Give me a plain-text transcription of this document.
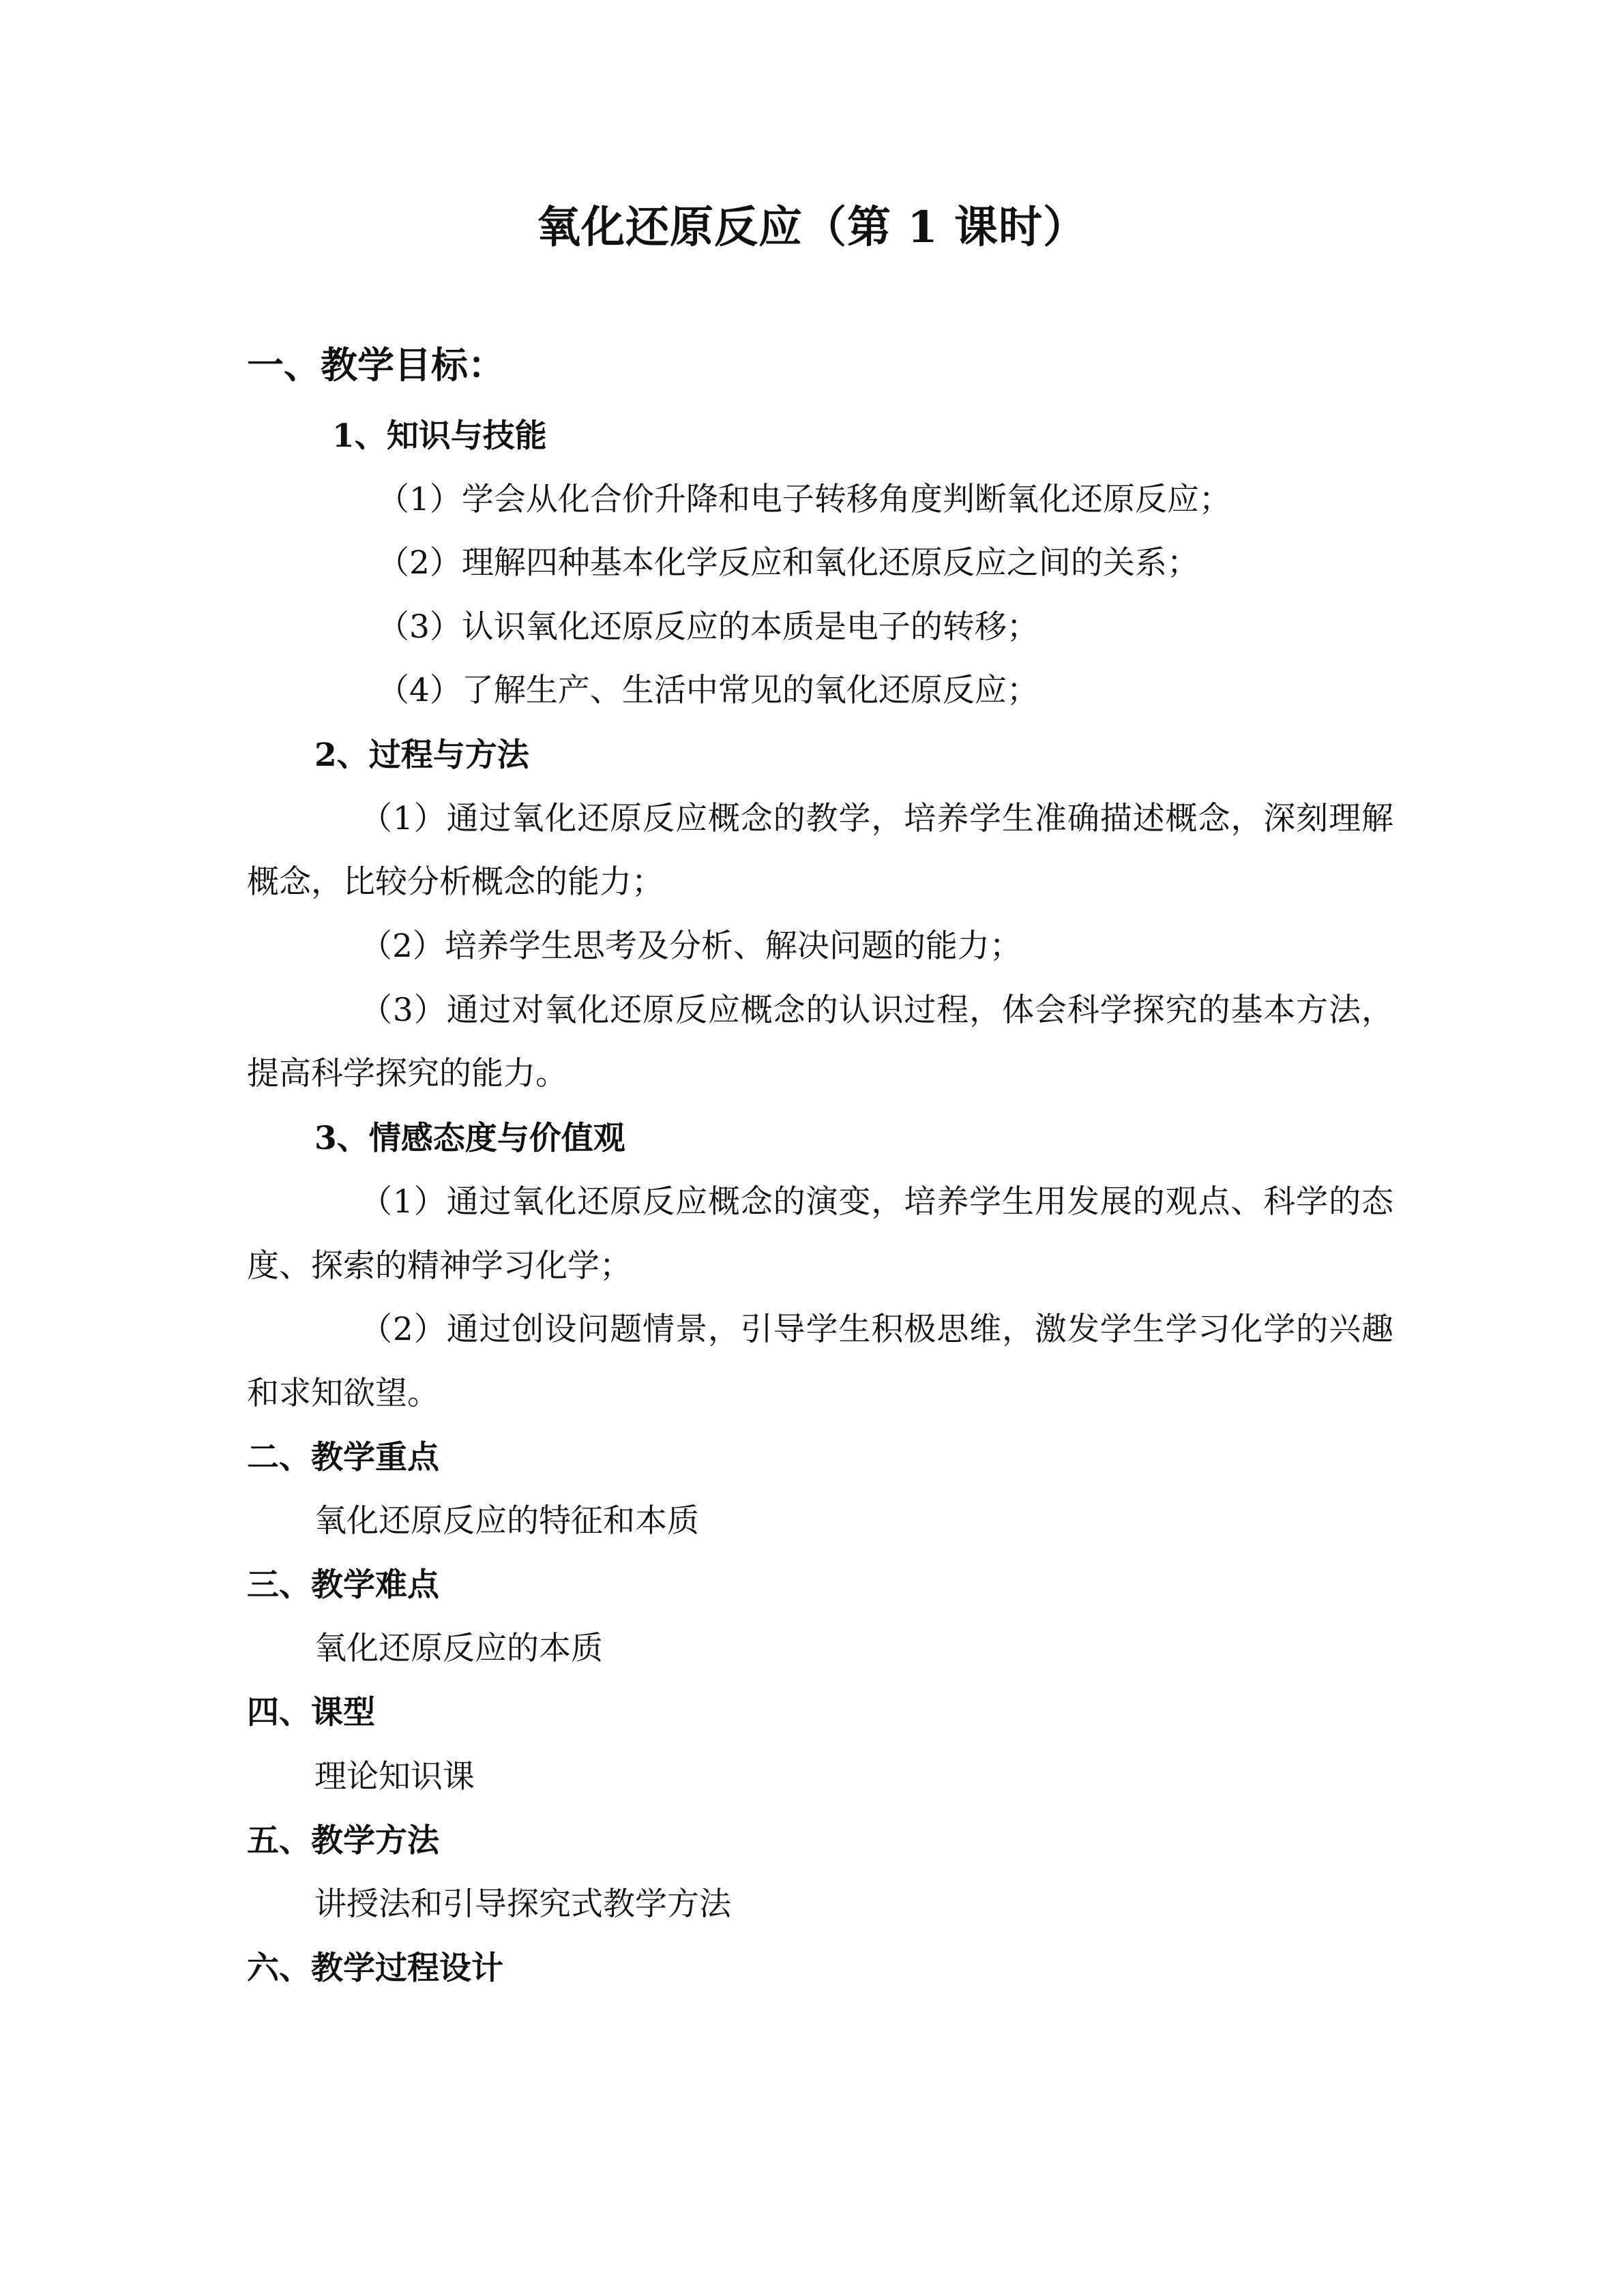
氧化还原反应（第 1 课时）
一、教学目标：
1、知识与技能
（1）学会从化合价升降和电子转移角度判断氧化还原反应；
（2）理解四种基本化学反应和氧化还原反应之间的关系；
（3）认识氧化还原反应的本质是电子的转移；
（4）了解生产、生活中常见的氧化还原反应；
2、过程与方法
（1）通过氧化还原反应概念的教学，培养学生准确描述概念，深刻理解
概念，比较分析概念的能力；
（2）培养学生思考及分析、解决问题的能力；
（3）通过对氧化还原反应概念的认识过程，体会科学探究的基本方法，
提高科学探究的能力。
3、情感态度与价值观
（1）通过氧化还原反应概念的演变，培养学生用发展的观点、科学的态
度、探索的精神学习化学；
（2）通过创设问题情景，引导学生积极思维，激发学生学习化学的兴趣
和求知欲望。
二、教学重点
氧化还原反应的特征和本质
三、教学难点
氧化还原反应的本质
四、课型
理论知识课
五、教学方法
讲授法和引导探究式教学方法
六、教学过程设计
